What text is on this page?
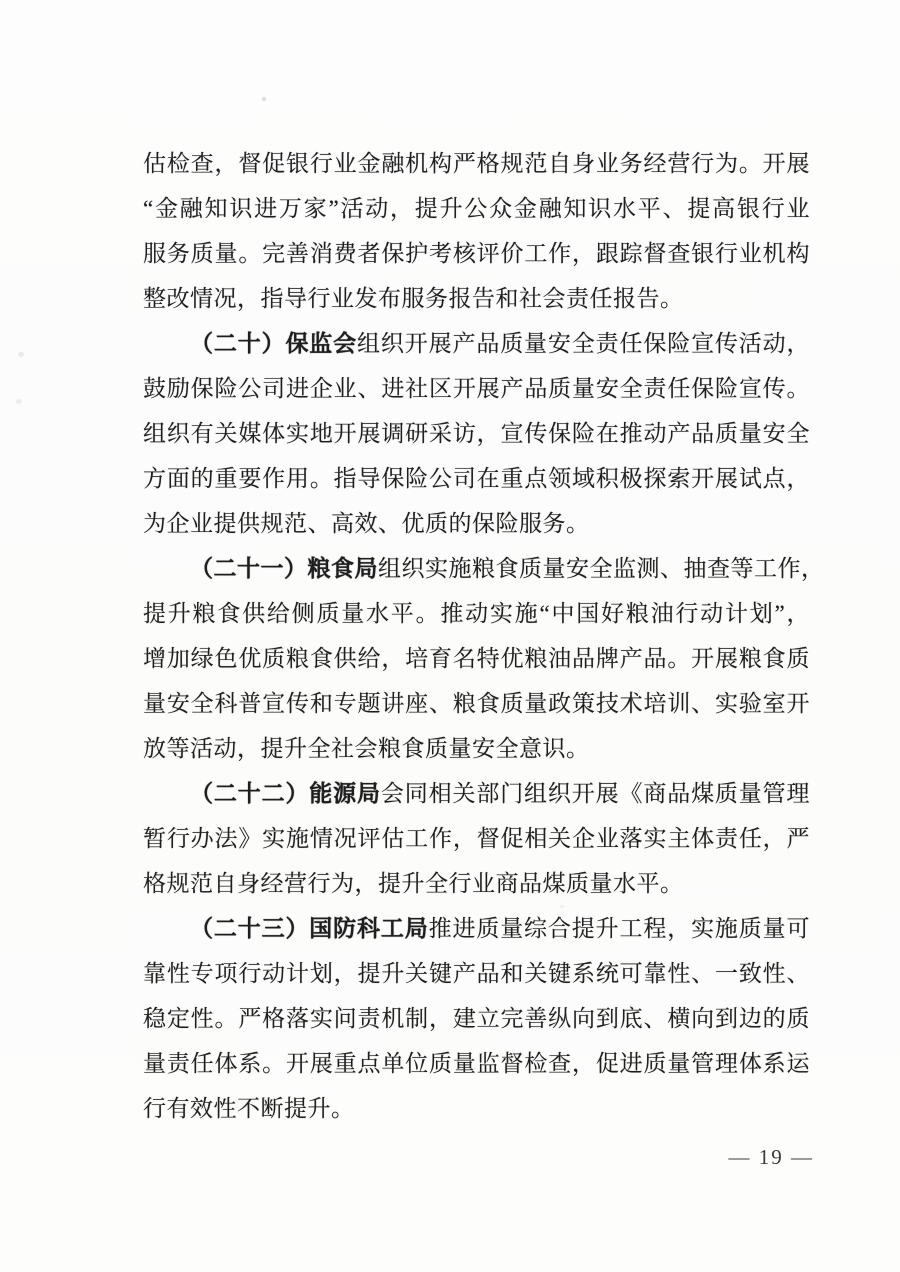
估检查，督促银行业金融机构严格规范自身业务经营行为。开展
“金融知识进万家”活动，提升公众金融知识水平、提高银行业
服务质量。完善消费者保护考核评价工作，跟踪督查银行业机构
整改情况，指导行业发布服务报告和社会责任报告。
（二十）保监会组织开展产品质量安全责任保险宣传活动，
鼓励保险公司进企业、进社区开展产品质量安全责任保险宣传。
组织有关媒体实地开展调研采访，宣传保险在推动产品质量安全
方面的重要作用。指导保险公司在重点领域积极探索开展试点，
为企业提供规范、高效、优质的保险服务。
（二十一）粮食局组织实施粮食质量安全监测、抽查等工作，
提升粮食供给侧质量水平。推动实施“中国好粮油行动计划”，
增加绿色优质粮食供给，培育名特优粮油品牌产品。开展粮食质
量安全科普宣传和专题讲座、粮食质量政策技术培训、实验室开
放等活动，提升全社会粮食质量安全意识。
（二十二）能源局会同相关部门组织开展《商品煤质量管理
暂行办法》实施情况评估工作，督促相关企业落实主体责任，严
格规范自身经营行为，提升全行业商品煤质量水平。
（二十三）国防科工局推进质量综合提升工程，实施质量可
靠性专项行动计划，提升关键产品和关键系统可靠性、一致性、
稳定性。严格落实问责机制，建立完善纵向到底、横向到边的质
量责任体系。开展重点单位质量监督检查，促进质量管理体系运
行有效性不断提升。
— 19 —
